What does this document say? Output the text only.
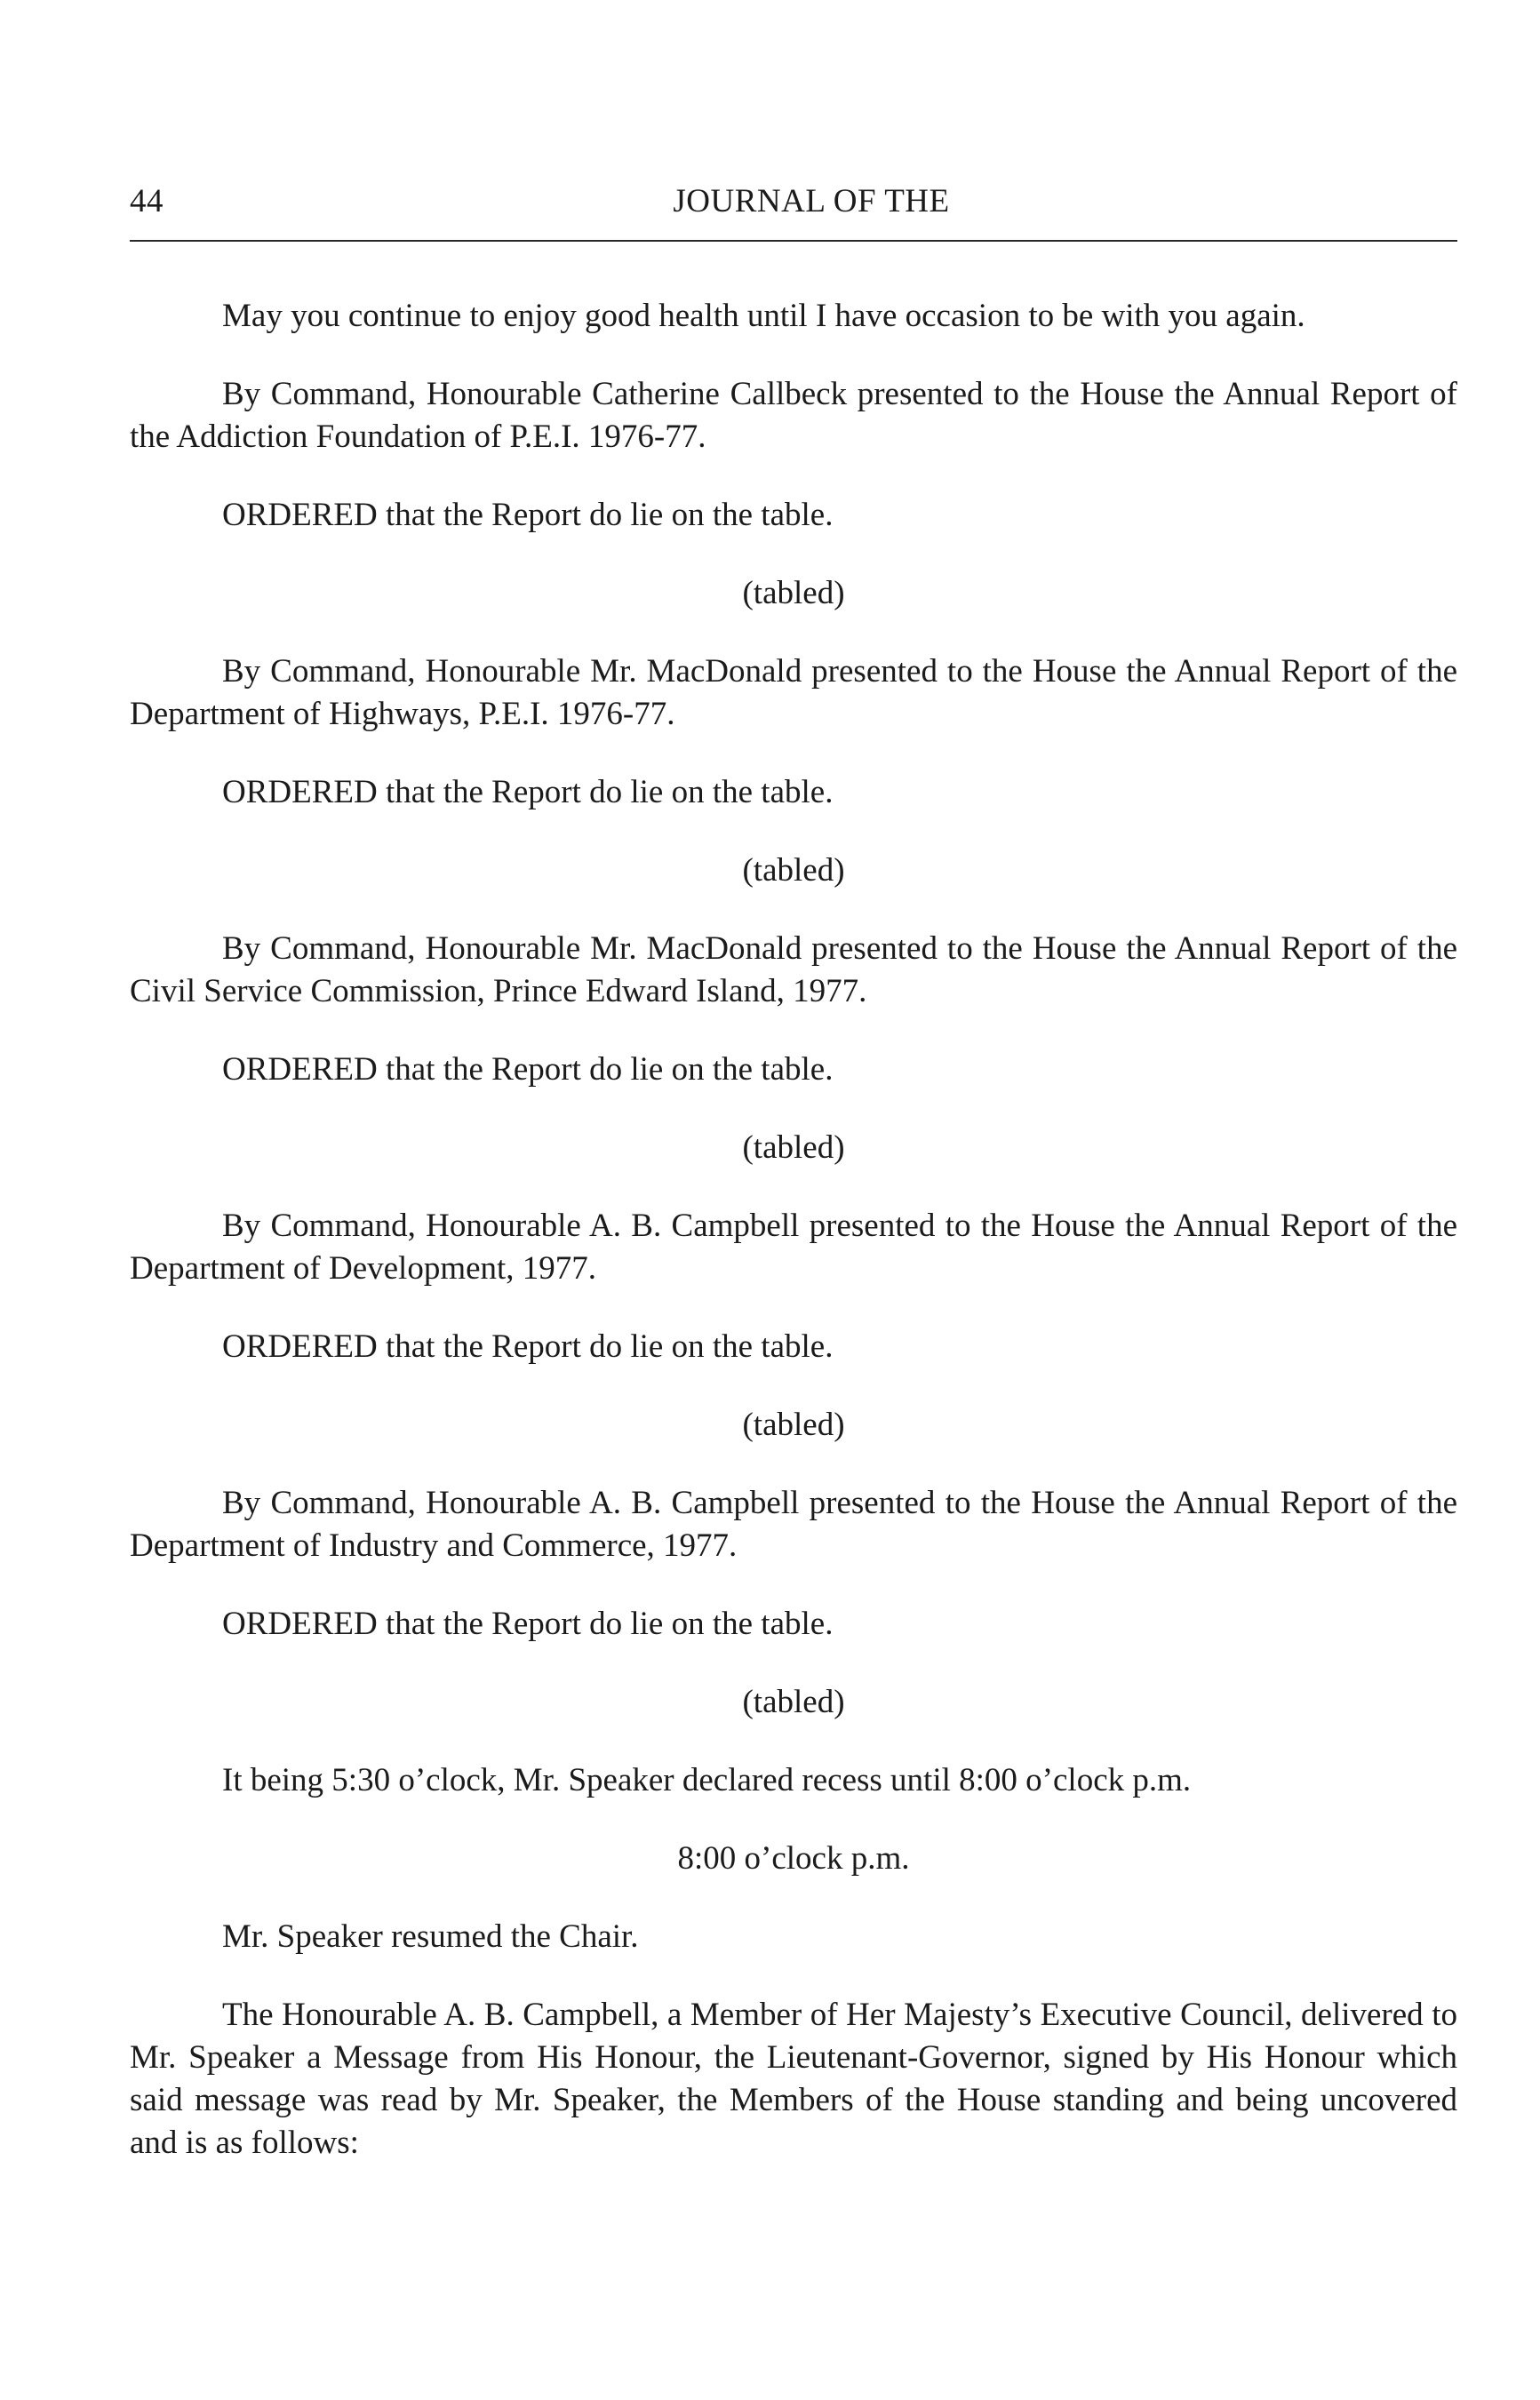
44	JOURNAL OF THE

May you continue to enjoy good health until I have occasion to be with you again.

By Command, Honourable Catherine Callbeck presented to the House the Annual Report of the Addiction Foundation of P.E.I. 1976-77.

ORDERED that the Report do lie on the table.

(tabled)

By Command, Honourable Mr. MacDonald presented to the House the Annual Report of the Department of Highways, P.E.I. 1976-77.

ORDERED that the Report do lie on the table.

(tabled)

By Command, Honourable Mr. MacDonald presented to the House the Annual Report of the Civil Service Commission, Prince Edward Island, 1977.

ORDERED that the Report do lie on the table.

(tabled)

By Command, Honourable A. B. Campbell presented to the House the Annual Report of the Department of Development, 1977.

ORDERED that the Report do lie on the table.

(tabled)

By Command, Honourable A. B. Campbell presented to the House the Annual Report of the Department of Industry and Commerce, 1977.

ORDERED that the Report do lie on the table.

(tabled)

It being 5:30 o’clock, Mr. Speaker declared recess until 8:00 o’clock p.m.

8:00 o’clock p.m.

Mr. Speaker resumed the Chair.

The Honourable A. B. Campbell, a Member of Her Majesty’s Executive Council, delivered to Mr. Speaker a Message from His Honour, the Lieutenant-Governor, signed by His Honour which said message was read by Mr. Speaker, the Members of the House standing and being uncovered and is as follows:
